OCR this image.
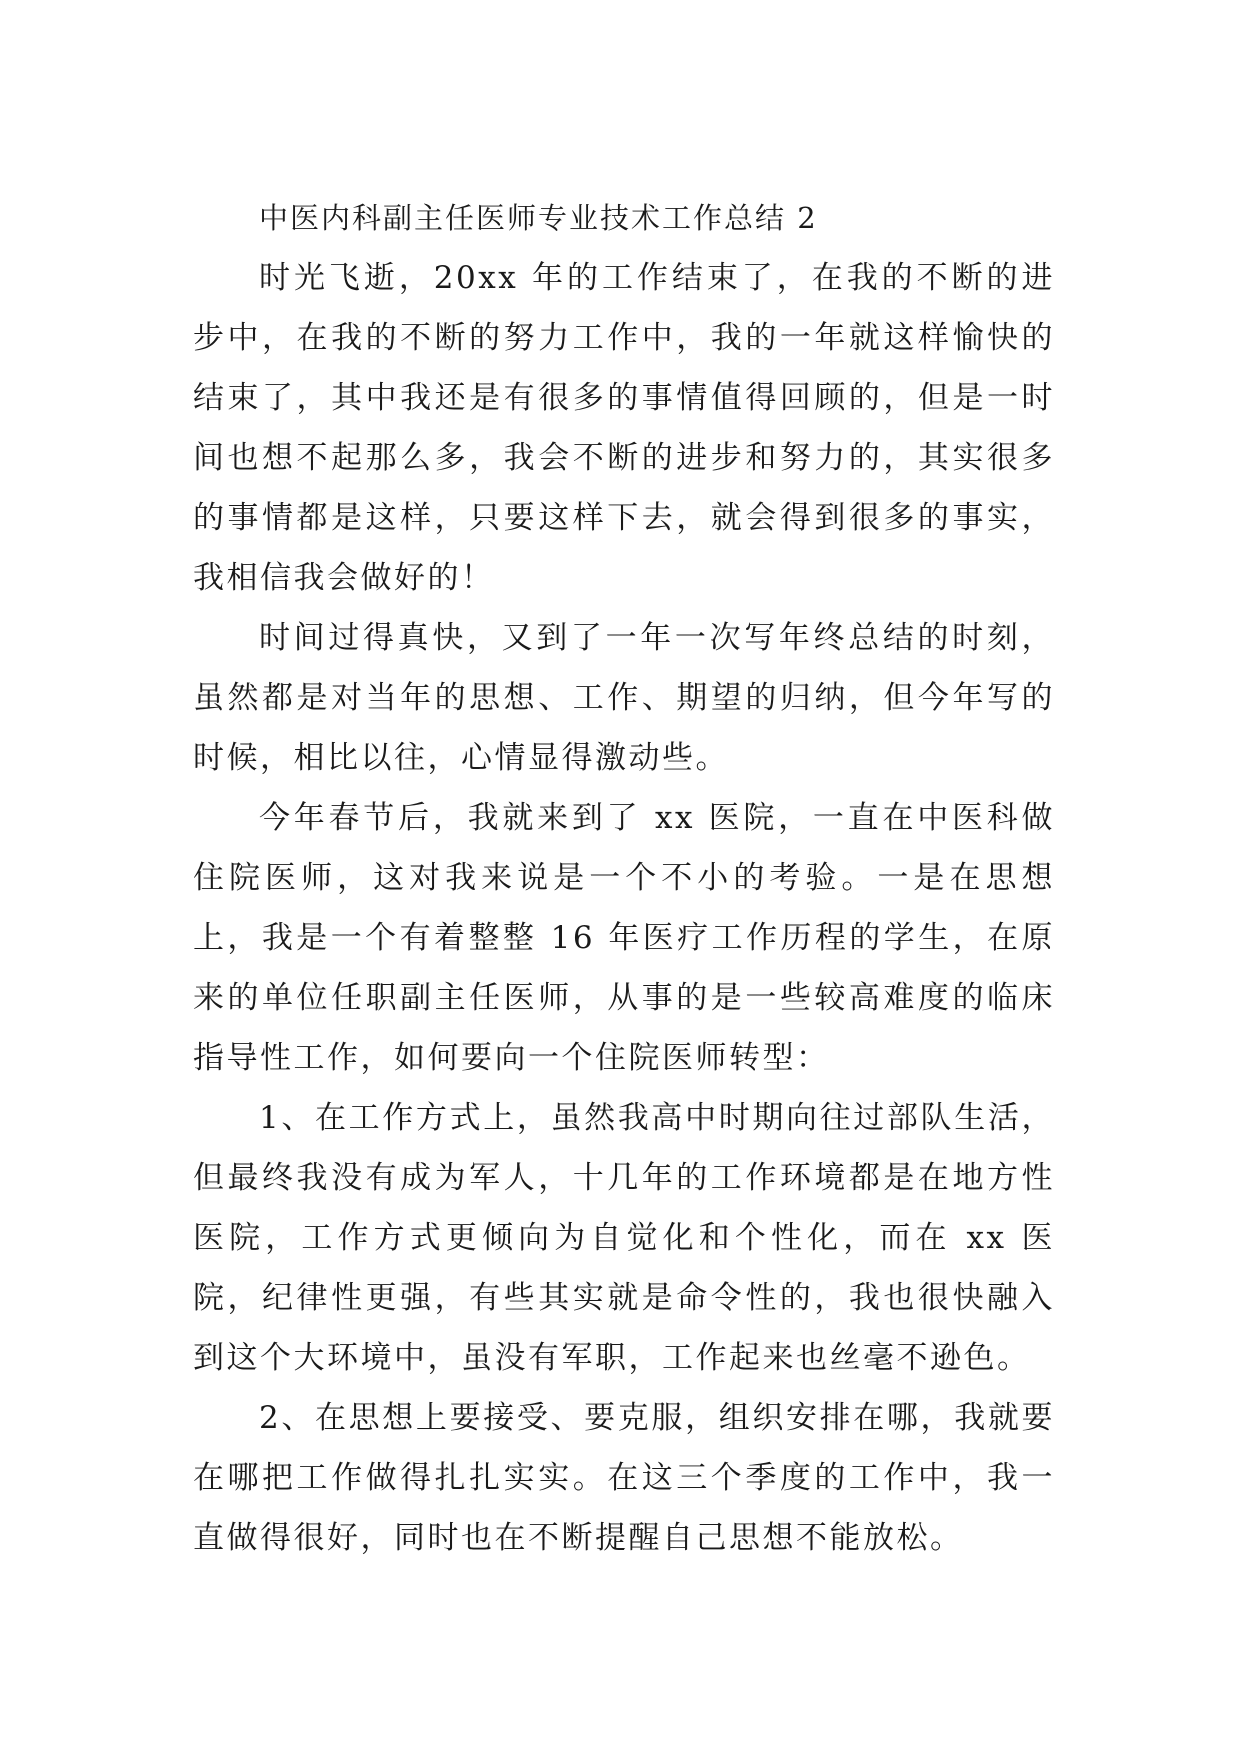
中医内科副主任医师专业技术工作总结 2

时光飞逝，20xx 年的工作结束了，在我的不断的进步中，在我的不断的努力工作中，我的一年就这样愉快的结束了，其中我还是有很多的事情值得回顾的，但是一时间也想不起那么多，我会不断的进步和努力的，其实很多的事情都是这样，只要这样下去，就会得到很多的事实，我相信我会做好的！

时间过得真快，又到了一年一次写年终总结的时刻，虽然都是对当年的思想、工作、期望的归纳，但今年写的时候，相比以往，心情显得激动些。

今年春节后，我就来到了 xx 医院，一直在中医科做住院医师，这对我来说是一个不小的考验。一是在思想上，我是一个有着整整 16 年医疗工作历程的学生，在原来的单位任职副主任医师，从事的是一些较高难度的临床指导性工作，如何要向一个住院医师转型：

1、在工作方式上，虽然我高中时期向往过部队生活，但最终我没有成为军人，十几年的工作环境都是在地方性医院，工作方式更倾向为自觉化和个性化，而在 xx 医院，纪律性更强，有些其实就是命令性的，我也很快融入到这个大环境中，虽没有军职，工作起来也丝毫不逊色。

2、在思想上要接受、要克服，组织安排在哪，我就要在哪把工作做得扎扎实实。在这三个季度的工作中，我一直做得很好，同时也在不断提醒自己思想不能放松。
